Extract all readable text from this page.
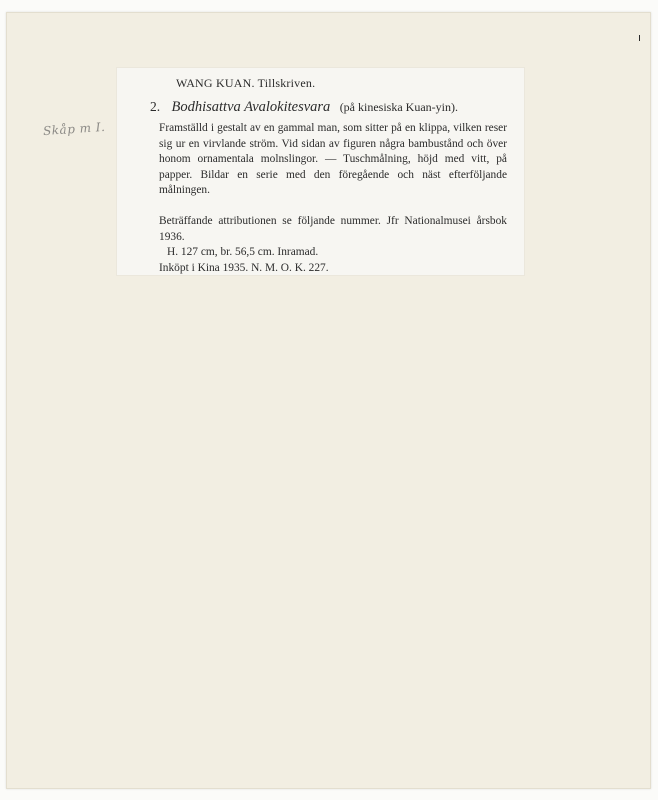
Skåp m I.
WANG KUAN. Tillskriven.
2. Bodhisattva Avalokitesvara (på kinesiska Kuan-yin).
Framställd i gestalt av en gammal man, som sitter på en klippa, vilken reser sig ur en virvlande ström. Vid sidan av figuren några bambustånd och över honom ornamentala molnslingor. — Tuschmålning, höjd med vitt, på papper. Bildar en serie med den föregående och näst efterföljande målningen.
Beträffande attributionen se följande nummer. Jfr Nationalmusei årsbok 1936.
H. 127 cm, br. 56,5 cm. Inramad.
Inköpt i Kina 1935. N. M. O. K. 227.
